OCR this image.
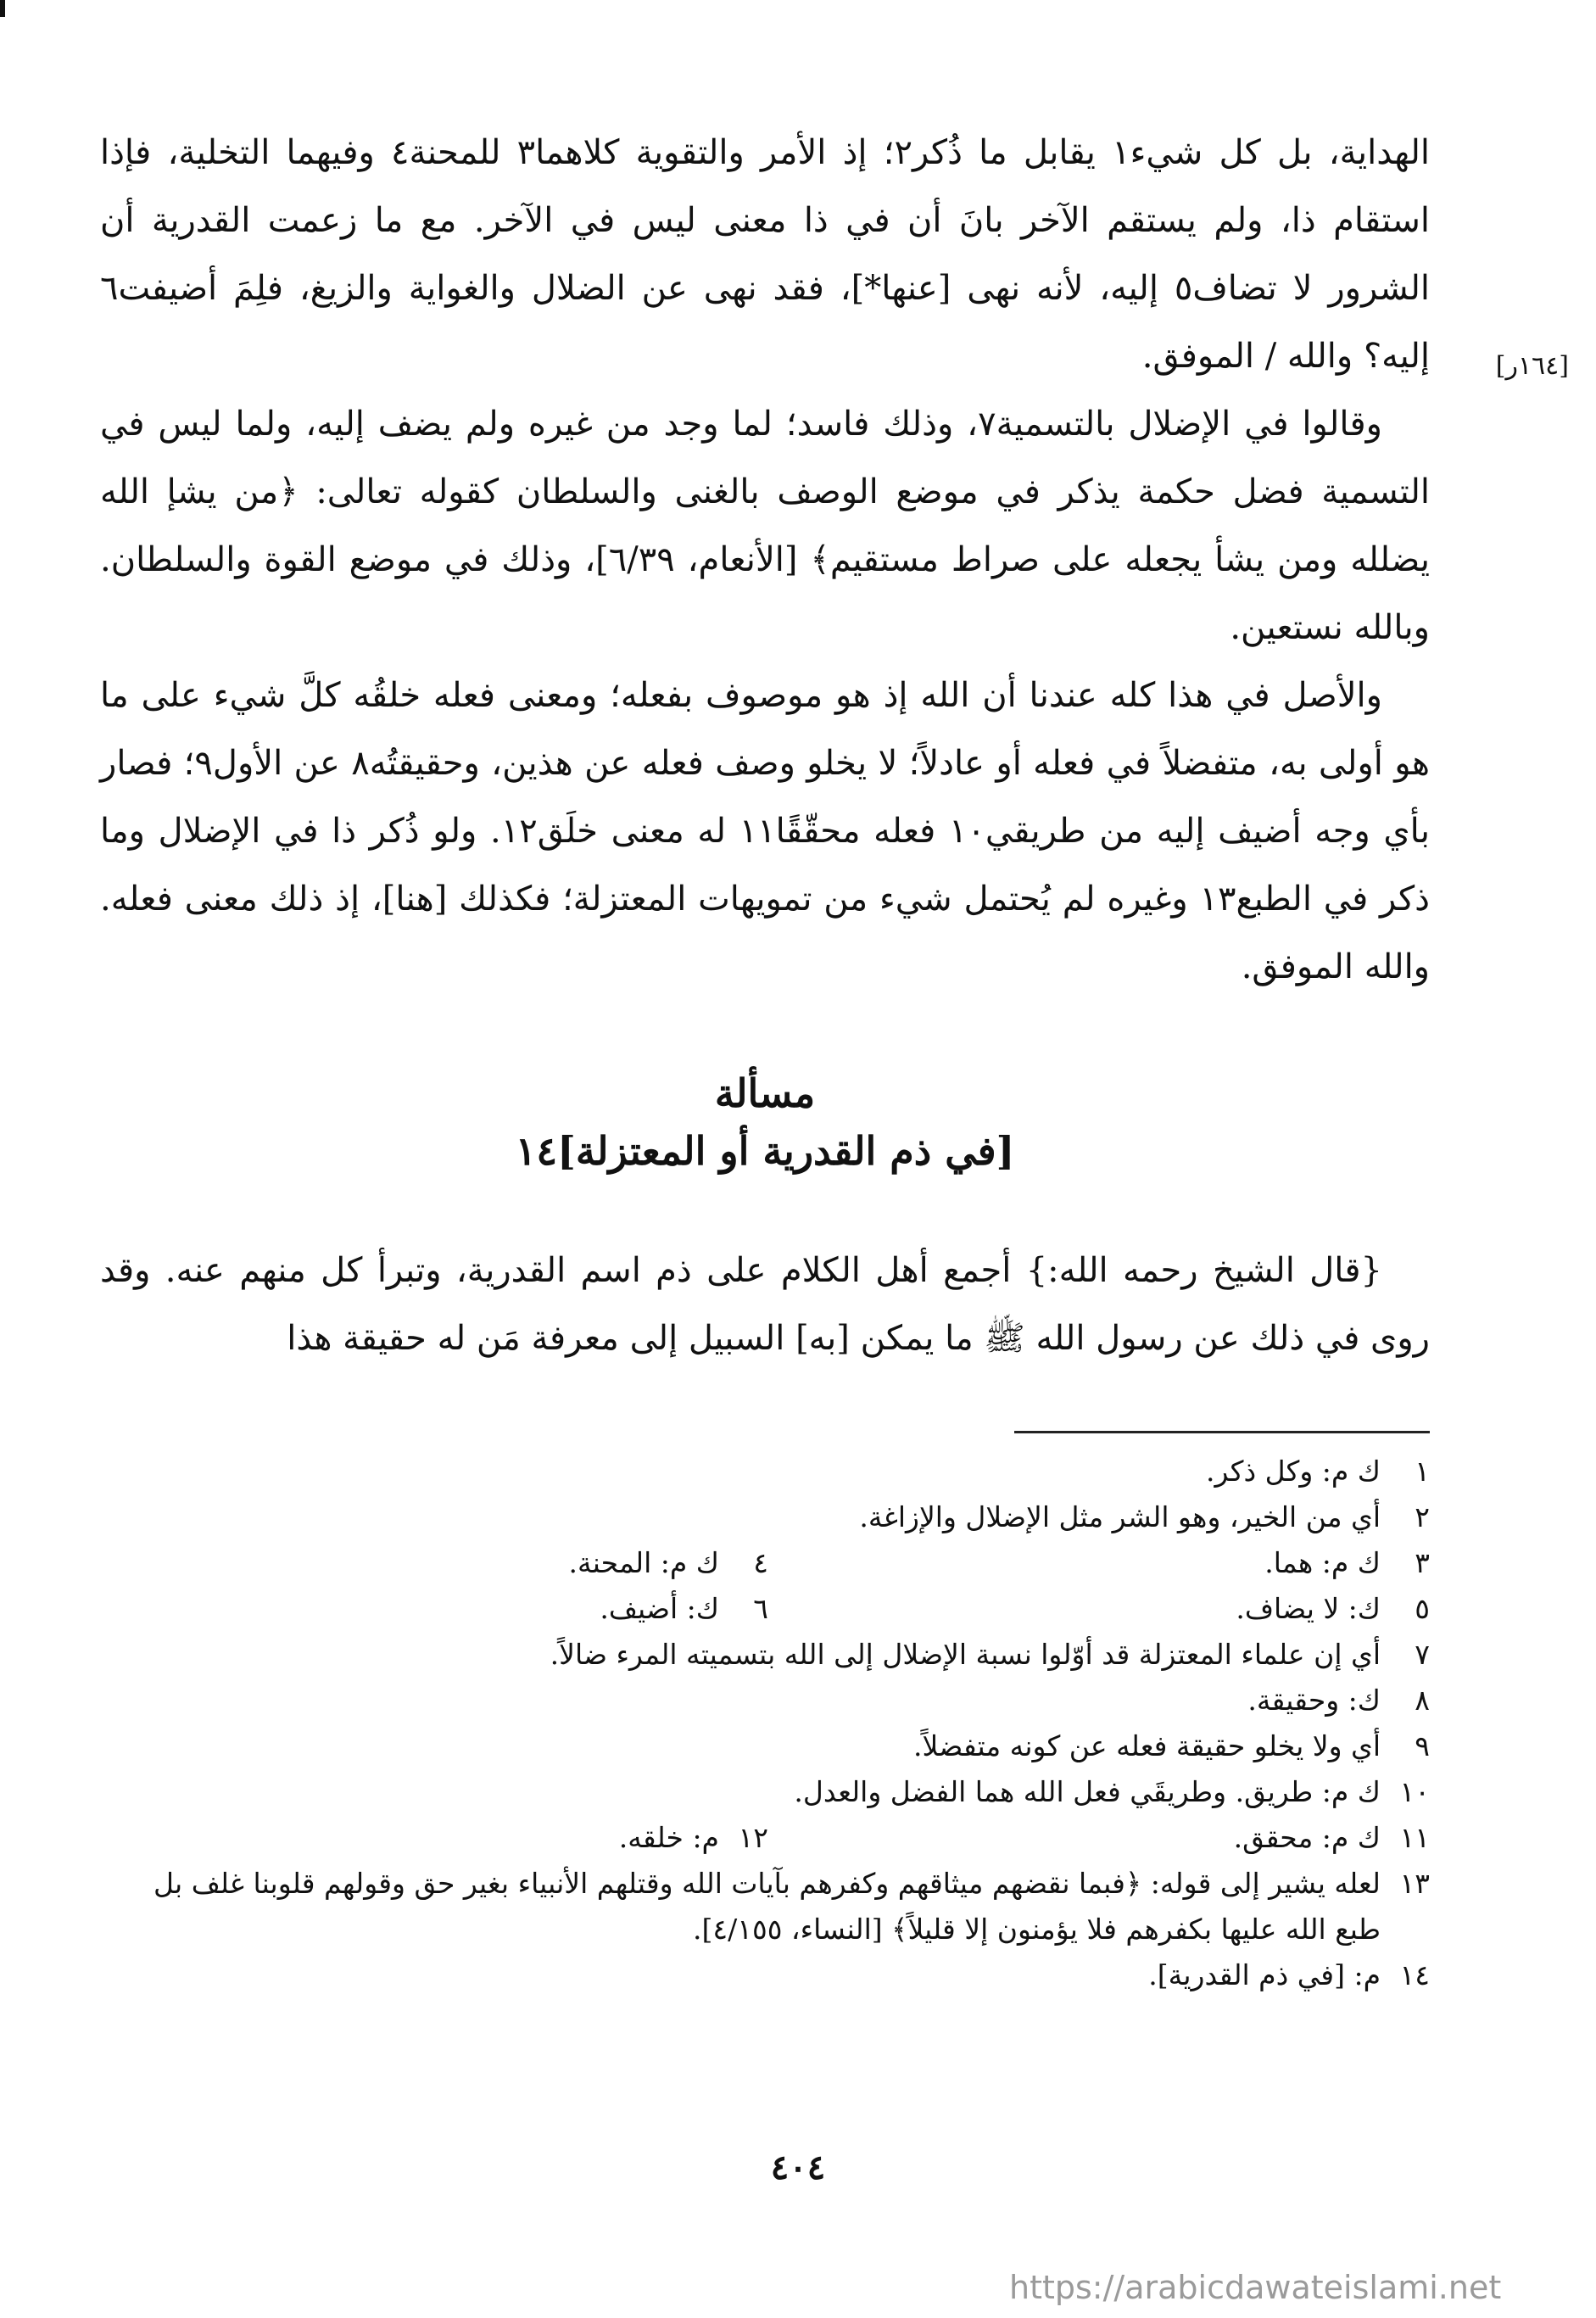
[١٦٤ر]

الهداية، بل كل شيء١ يقابل ما ذُكر٢؛ إذ الأمر والتقوية كلاهما٣ للمحنة٤ وفيهما التخلية، فإذا استقام ذا، ولم يستقم الآخر بانَ أن في ذا معنى ليس في الآخر. مع ما زعمت القدرية أن الشرور لا تضاف٥ إليه، لأنه نهى [عنها*]، فقد نهى عن الضلال والغواية والزيغ، فلِمَ أضيفت٦ إليه؟ والله / الموفق.

وقالوا في الإضلال بالتسمية٧، وذلك فاسد؛ لما وجد من غيره ولم يضف إليه، ولما ليس في التسمية فضل حكمة يذكر في موضع الوصف بالغنى والسلطان كقوله تعالى: ﴿من يشإ الله يضلله ومن يشأ يجعله على صراط مستقيم﴾ [الأنعام، ٦/٣٩]، وذلك في موضع القوة والسلطان. وبالله نستعين.

والأصل في هذا كله عندنا أن الله إذ هو موصوف بفعله؛ ومعنى فعله خلقُه كلَّ شيء على ما هو أولى به، متفضلاً في فعله أو عادلاً؛ لا يخلو وصف فعله عن هذين، وحقيقتُه٨ عن الأول٩؛ فصار بأي وجه أضيف إليه من طريقي١٠ فعله محقّقًا١١ له معنى خلَق١٢. ولو ذُكر ذا في الإضلال وما ذكر في الطبع١٣ وغيره لم يُحتمل شيء من تمويهات المعتزلة؛ فكذلك [هنا]، إذ ذلك معنى فعله. والله الموفق.

مسألة
[في ذم القدرية أو المعتزلة]١٤

{قال الشيخ رحمه الله:} أجمع أهل الكلام على ذم اسم القدرية، وتبرأ كل منهم عنه. وقد روى في ذلك عن رسول الله ﷺ ما يمكن [به] السبيل إلى معرفة مَن له حقيقة هذا

١
ك م: وكل ذكر.
٢
أي من الخير، وهو الشر مثل الإضلال والإزاغة.
٣
ك م: هما.
٤
ك م: المحنة.
٥
ك: لا يضاف.
٦
ك: أضيف.
٧
أي إن علماء المعتزلة قد أوّلوا نسبة الإضلال إلى الله بتسميته المرء ضالاً.
٨
ك: وحقيقة.
٩
أي ولا يخلو حقيقة فعله عن كونه متفضلاً.
١٠
ك م: طريق. وطريقَي فعل الله هما الفضل والعدل.
١١
ك م: محقق.
١٢
م: خلقه.
١٣
لعله يشير إلى قوله: ﴿فبما نقضهم ميثاقهم وكفرهم بآيات الله وقتلهم الأنبياء بغير حق وقولهم قلوبنا غلف بل طبع الله عليها بكفرهم فلا يؤمنون إلا قليلاً﴾ [النساء، ٤/١٥٥].
١٤
م: [في ذم القدرية].
٤٠٤
https://arabicdawateislami.net
